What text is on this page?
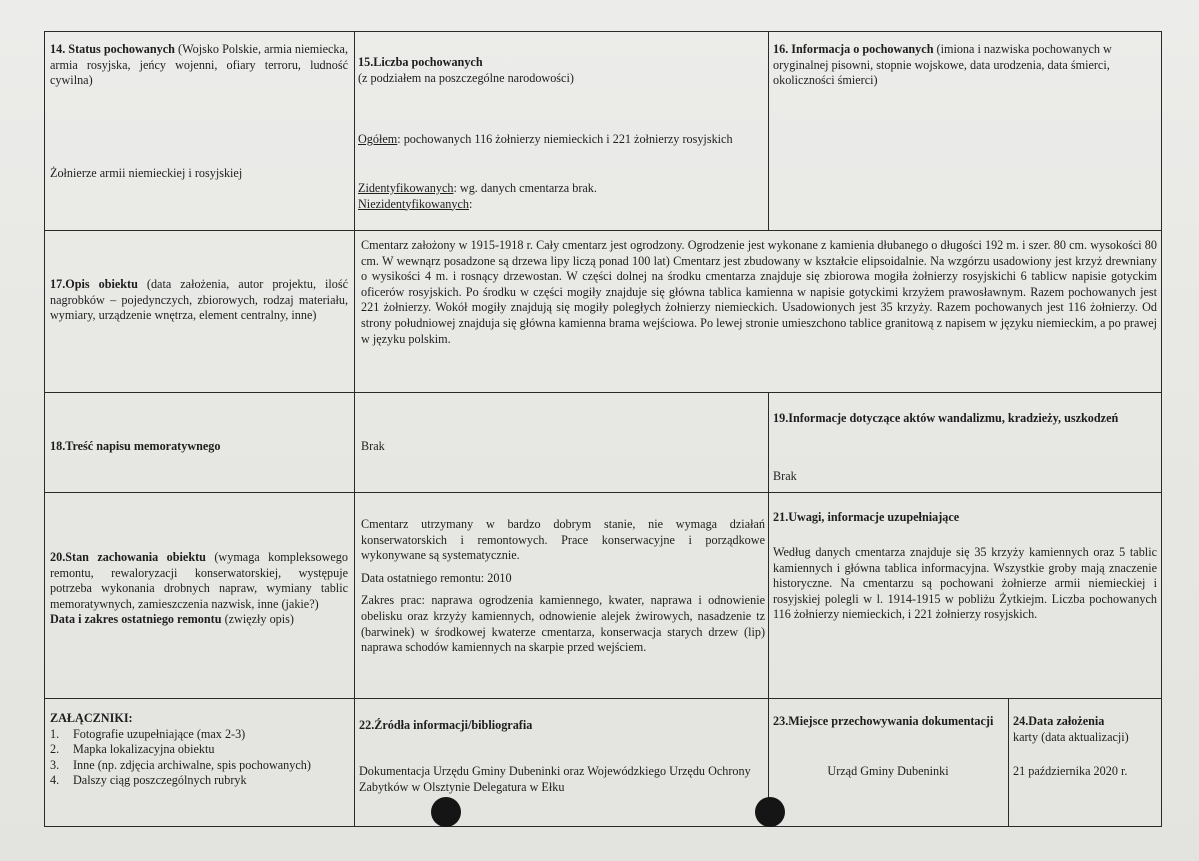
14. Status pochowanych (Wojsko Polskie, armia niemiecka, armia rosyjska, jeńcy wojenni, ofiary terroru, ludność cywilna)
Żołnierze armii niemieckiej i rosyjskiej
15.Liczba pochowanych
(z podziałem na poszczególne narodowości)
Ogółem: pochowanych 116 żołnierzy niemieckich i 221 żołnierzy rosyjskich
Zidentyfikowanych: wg. danych cmentarza brak.
Niezidentyfikowanych:
16. Informacja o pochowanych (imiona i nazwiska pochowanych w oryginalnej pisowni, stopnie wojskowe, data urodzenia, data śmierci, okoliczności śmierci)
17.Opis obiektu (data założenia, autor projektu, ilość nagrobków – pojedynczych, zbiorowych, rodzaj materiału, wymiary, urządzenie wnętrza, element centralny, inne)
Cmentarz założony w 1915-1918 r. Cały cmentarz jest ogrodzony. Ogrodzenie jest wykonane z kamienia dłubanego o długości 192 m. i szer. 80 cm. wysokości 80 cm. W wewnąrz posadzone są drzewa lipy liczą ponad 100 lat) Cmentarz jest zbudowany w kształcie elipsoidalnie. Na wzgórzu usadowiony jest krzyż drewniany o wysikości 4 m. i rosnący drzewostan. W części dolnej na środku cmentarza znajduje się zbiorowa mogiła żołnierzy rosyjskichi 6 tablicw napisie gotyckim oficerów rosyjskich. Po środku w części mogiły znajduje się główna tablica kamienna w napisie gotyckimi krzyżem prawosławnym. Razem pochowanych jest 221 żołnierzy. Wokół mogiły znajdują się mogiły poległych żołnierzy niemieckich. Usadowionych jest 35 krzyży. Razem pochowanych jest 116 żołnierzy. Od strony południowej znajduja się główna kamienna brama wejściowa. Po lewej stronie umieszchono tablice granitową z napisem w języku niemieckim, a po prawej w języku polskim.
18.Treść napisu memoratywnego	Brak
19.Informacje dotyczące aktów wandalizmu, kradzieży, uszkodzeń
Brak
20.Stan zachowania obiektu (wymaga kompleksowego remontu, rewaloryzacji konserwatorskiej, występuje potrzeba wykonania drobnych napraw, wymiany tablic memoratywnych, zamieszczenia nazwisk, inne (jakie?)
Data i zakres ostatniego remontu (zwięzły opis)

Cmentarz utrzymany w bardzo dobrym stanie, nie wymaga działań konserwatorskich i remontowych. Prace konserwacyjne i porządkowe wykonywane są systematycznie.

Data ostatniego remontu: 2010

Zakres prac: naprawa ogrodzenia kamiennego, kwater, naprawa i odnowienie obelisku oraz krzyży kamiennych, odnowienie alejek żwirowych, nasadzenie tz (barwinek) w środkowej kwaterze cmentarza, konserwacja starych drzew (lip) naprawa schodów kamiennych na skarpie przed wejściem.

21.Uwagi, informacje uzupełniające
Według danych cmentarza znajduje się 35 krzyży kamiennych oraz 5 tablic kamiennych i główna tablica informacyjna. Wszystkie groby mają znaczenie historyczne. Na cmentarzu są pochowani żołnierze armii niemieckiej i rosyjskiej polegli w l. 1914-1915 w pobliżu Żytkiejm. Liczba pochowanych 116 żołnierzy niemieckich, i 221 żołnierzy rosyjskich.
ZAŁĄCZNIKI:
1. Fotografie uzupełniające (max 2-3)
2. Mapka lokalizacyjna obiektu
3. Inne (np. zdjęcia archiwalne, spis pochowanych)
4. Dalszy ciąg poszczególnych rubryk
22.Źródła informacji/bibliografia
Dokumentacja Urzędu Gminy Dubeninki oraz Wojewódzkiego Urzędu Ochrony Zabytków w Olsztynie Delegatura w Ełku
23.Miejsce przechowywania dokumentacji
Urząd Gminy Dubeninki
24.Data założenia
karty (data aktualizacji)
21 października 2020 r.
